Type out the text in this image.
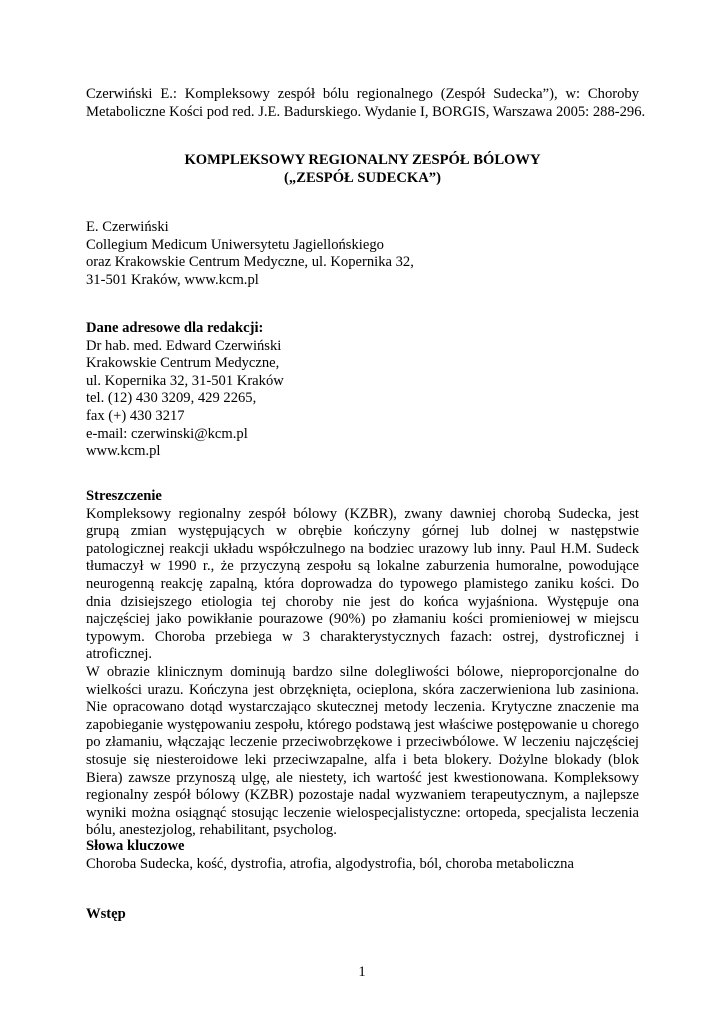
Czerwiński E.: Kompleksowy zespół bólu regionalnego (Zespół Sudecka”), w: Choroby
Metaboliczne Kości pod red. J.E. Badurskiego. Wydanie I, BORGIS, Warszawa 2005: 288-296.
KOMPLEKSOWY REGIONALNY ZESPÓŁ BÓLOWY
(„ZESPÓŁ SUDECKA”)
E. Czerwiński
Collegium Medicum Uniwersytetu Jagiellońskiego
oraz Krakowskie Centrum Medyczne, ul. Kopernika 32,
31-501 Kraków, www.kcm.pl
Dane adresowe dla redakcji:
Dr hab. med. Edward Czerwiński
Krakowskie Centrum Medyczne,
ul. Kopernika 32, 31-501 Kraków
tel. (12) 430 3209, 429 2265,
fax (+) 430 3217
e-mail: czerwinski@kcm.pl
www.kcm.pl
Streszczenie
Kompleksowy regionalny zespół bólowy (KZBR), zwany dawniej chorobą Sudecka, jest
grupą zmian występujących w obrębie kończyny górnej lub dolnej w następstwie
patologicznej reakcji układu współczulnego na bodziec urazowy lub inny. Paul H.M. Sudeck
tłumaczył w 1990 r., że przyczyną zespołu są lokalne zaburzenia humoralne, powodujące
neurogenną reakcję zapalną, która doprowadza do typowego plamistego zaniku kości. Do
dnia dzisiejszego etiologia tej choroby nie jest do końca wyjaśniona. Występuje ona
najczęściej jako powikłanie pourazowe (90%) po złamaniu kości promieniowej w miejscu
typowym. Choroba przebiega w 3 charakterystycznych fazach: ostrej, dystroficznej i
atroficznej.
W obrazie klinicznym dominują bardzo silne dolegliwości bólowe, nieproporcjonalne do
wielkości urazu. Kończyna jest obrzęknięta, ocieplona, skóra zaczerwieniona lub zasiniona.
Nie opracowano dotąd wystarczająco skutecznej metody leczenia. Krytyczne znaczenie ma
zapobieganie występowaniu zespołu, którego podstawą jest właściwe postępowanie u chorego
po złamaniu, włączając leczenie przeciwobrzękowe i przeciwbólowe. W leczeniu najczęściej
stosuje się niesteroidowe leki przeciwzapalne, alfa i beta blokery. Dożylne blokady (blok
Biera) zawsze przynoszą ulgę, ale niestety, ich wartość jest kwestionowana. Kompleksowy
regionalny zespół bólowy (KZBR) pozostaje nadal wyzwaniem terapeutycznym, a najlepsze
wyniki można osiągnąć stosując leczenie wielospecjalistyczne: ortopeda, specjalista leczenia
bólu, anestezjolog, rehabilitant, psycholog.
Słowa kluczowe
Choroba Sudecka, kość, dystrofia, atrofia, algodystrofia, ból, choroba metaboliczna
Wstęp
1
